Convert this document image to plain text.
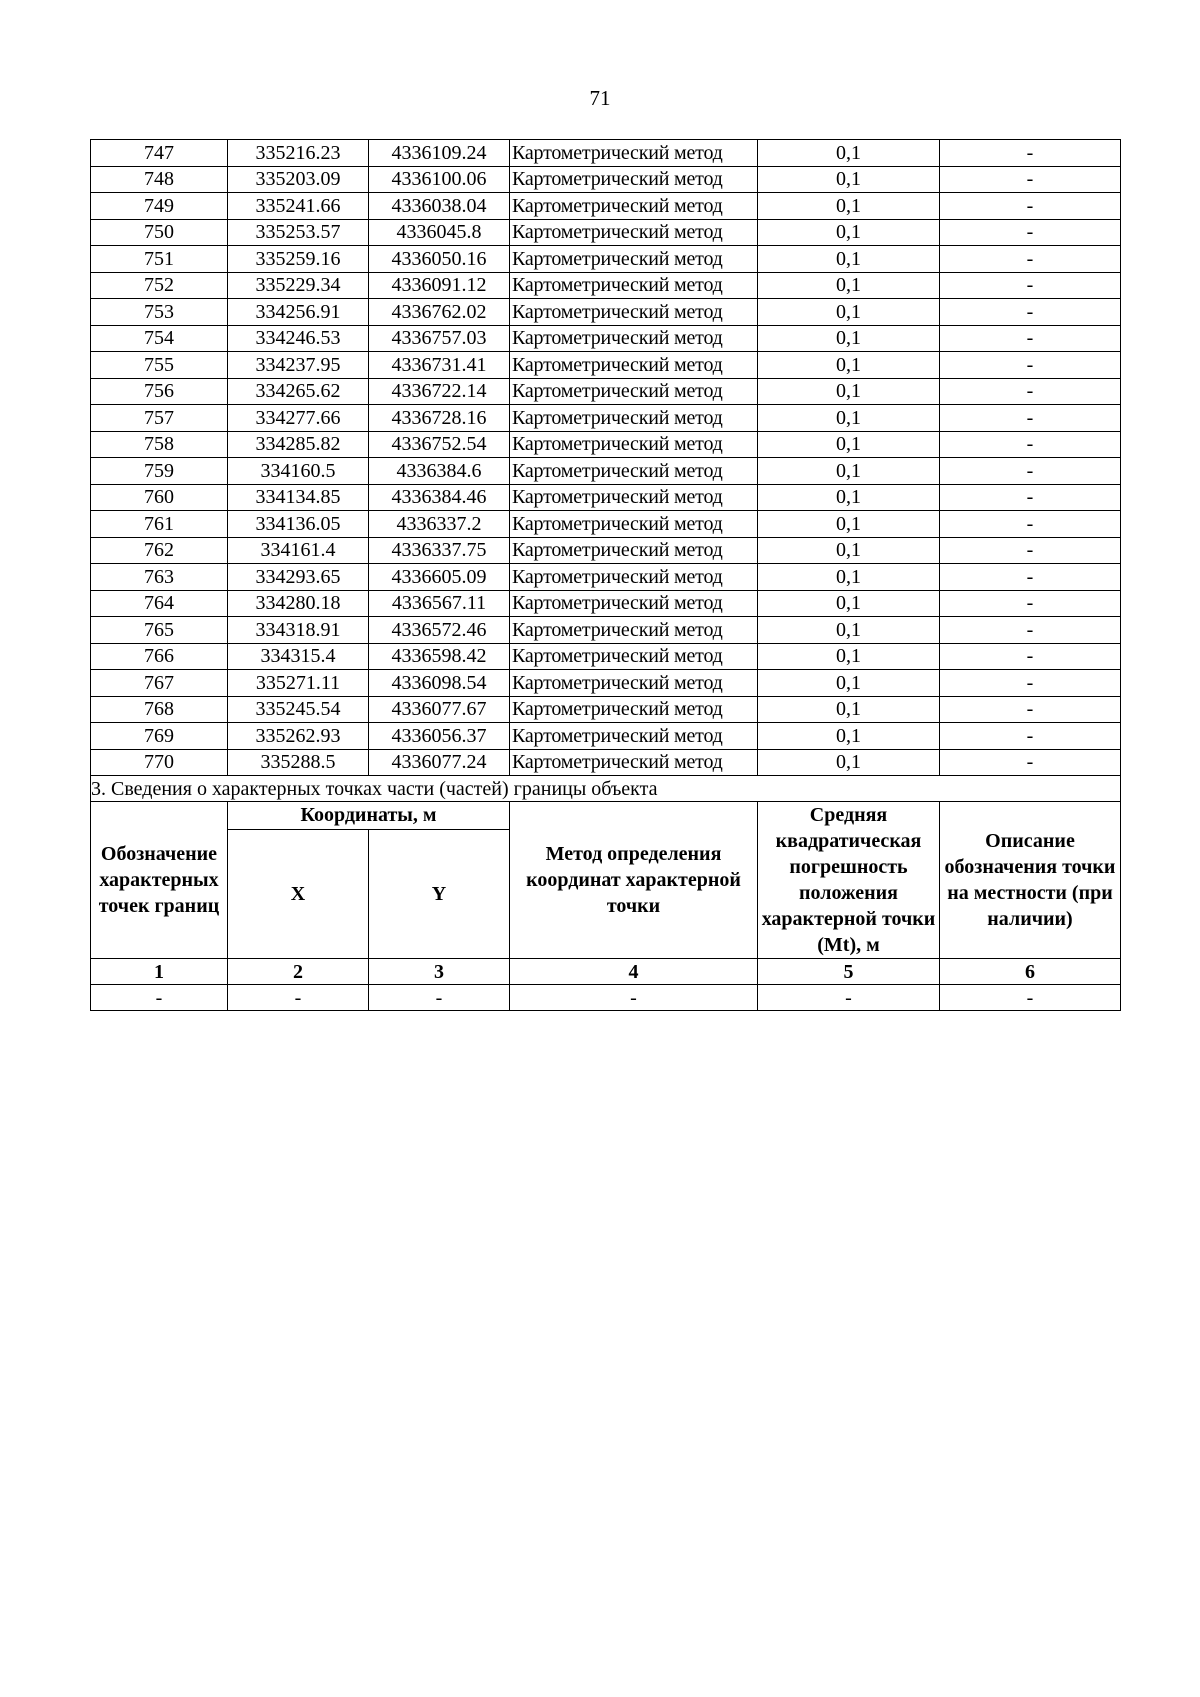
71
747	335216.23	4336109.24	Картометрический метод	0,1	-
748	335203.09	4336100.06	Картометрический метод	0,1	-
749	335241.66	4336038.04	Картометрический метод	0,1	-
750	335253.57	4336045.8	Картометрический метод	0,1	-
751	335259.16	4336050.16	Картометрический метод	0,1	-
752	335229.34	4336091.12	Картометрический метод	0,1	-
753	334256.91	4336762.02	Картометрический метод	0,1	-
754	334246.53	4336757.03	Картометрический метод	0,1	-
755	334237.95	4336731.41	Картометрический метод	0,1	-
756	334265.62	4336722.14	Картометрический метод	0,1	-
757	334277.66	4336728.16	Картометрический метод	0,1	-
758	334285.82	4336752.54	Картометрический метод	0,1	-
759	334160.5	4336384.6	Картометрический метод	0,1	-
760	334134.85	4336384.46	Картометрический метод	0,1	-
761	334136.05	4336337.2	Картометрический метод	0,1	-
762	334161.4	4336337.75	Картометрический метод	0,1	-
763	334293.65	4336605.09	Картометрический метод	0,1	-
764	334280.18	4336567.11	Картометрический метод	0,1	-
765	334318.91	4336572.46	Картометрический метод	0,1	-
766	334315.4	4336598.42	Картометрический метод	0,1	-
767	335271.11	4336098.54	Картометрический метод	0,1	-
768	335245.54	4336077.67	Картометрический метод	0,1	-
769	335262.93	4336056.37	Картометрический метод	0,1	-
770	335288.5	4336077.24	Картометрический метод	0,1	-
3. Сведения о характерных точках части (частей) границы объекта					
Обозначение характерных точек границ	Координаты, м		Метод определения координат характерной точки	Средняя квадратическая погрешность положения характерной точки (Mt), м	Описание обозначения точки на местности (при наличии)
	X	Y			
1	2	3	4	5	6
-	-	-	-	-	-
